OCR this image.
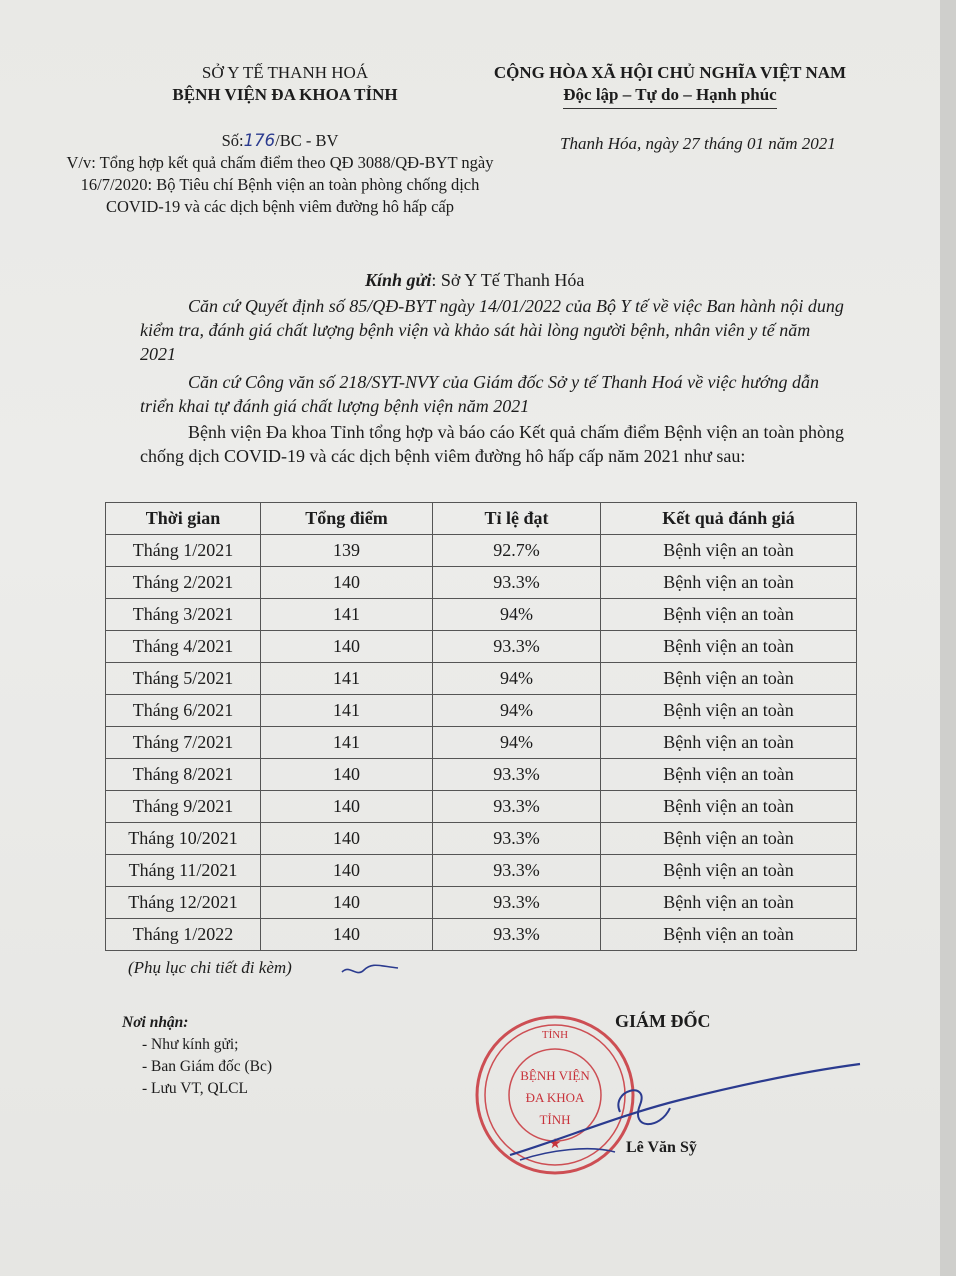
SỞ Y TẾ THANH HOÁ
BỆNH VIỆN ĐA KHOA TỈNH
CỘNG HÒA XÃ HỘI CHỦ NGHĨA VIỆT NAM
Độc lập – Tự do – Hạnh phúc
Số:176/BC - BV
V/v: Tổng hợp kết quả chấm điểm theo QĐ 3088/QĐ-BYT ngày 16/7/2020: Bộ Tiêu chí Bệnh viện an toàn phòng chống dịch COVID-19 và các dịch bệnh viêm đường hô hấp cấp
Thanh Hóa, ngày 27 tháng 01 năm 2021
Kính gửi: Sở Y Tế Thanh Hóa
Căn cứ Quyết định số 85/QĐ-BYT ngày 14/01/2022 của Bộ Y tế về việc Ban hành nội dung kiểm tra, đánh giá chất lượng bệnh viện và khảo sát hài lòng người bệnh, nhân viên y tế năm 2021
Căn cứ Công văn số 218/SYT-NVY của Giám đốc Sở y tế Thanh Hoá về việc hướng dẫn triển khai tự đánh giá chất lượng bệnh viện năm 2021
Bệnh viện Đa khoa Tỉnh tổng hợp và báo cáo Kết quả chấm điểm Bệnh viện an toàn phòng chống dịch COVID-19 và các dịch bệnh viêm đường hô hấp cấp năm 2021 như sau:
Thời gian	Tổng điểm	Tỉ lệ đạt	Kết quả đánh giá
Tháng 1/2021	139	92.7%	Bệnh viện an toàn
Tháng 2/2021	140	93.3%	Bệnh viện an toàn
Tháng 3/2021	141	94%	Bệnh viện an toàn
Tháng 4/2021	140	93.3%	Bệnh viện an toàn
Tháng 5/2021	141	94%	Bệnh viện an toàn
Tháng 6/2021	141	94%	Bệnh viện an toàn
Tháng 7/2021	141	94%	Bệnh viện an toàn
Tháng 8/2021	140	93.3%	Bệnh viện an toàn
Tháng 9/2021	140	93.3%	Bệnh viện an toàn
Tháng 10/2021	140	93.3%	Bệnh viện an toàn
Tháng 11/2021	140	93.3%	Bệnh viện an toàn
Tháng 12/2021	140	93.3%	Bệnh viện an toàn
Tháng 1/2022	140	93.3%	Bệnh viện an toàn
(Phụ lục chi tiết đi kèm)
Nơi nhận:
- Như kính gửi;
- Ban Giám đốc (Bc)
- Lưu VT, QLCL
GIÁM ĐỐC
TỈNH
BỆNH VIỆN
ĐA KHOA
TỈNH
★	Lê Văn Sỹ
